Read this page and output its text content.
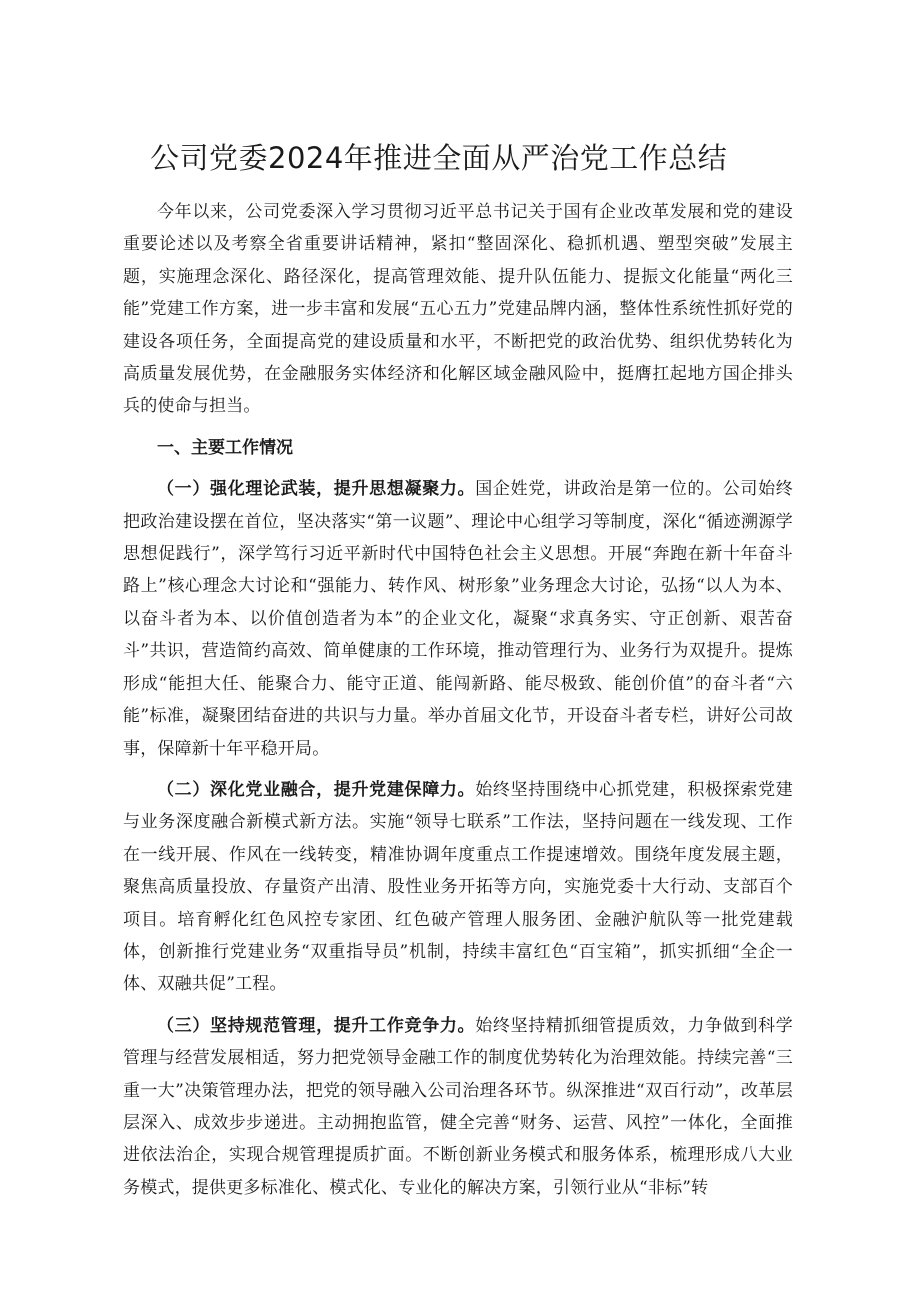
公司党委2024年推进全面从严治党工作总结

今年以来，公司党委深入学习贯彻习近平总书记关于国有企业改革发展和党的建设重要论述以及考察全省重要讲话精神，紧扣“整固深化、稳抓机遇、塑型突破”发展主题，实施理念深化、路径深化，提高管理效能、提升队伍能力、提振文化能量“两化三能”党建工作方案，进一步丰富和发展“五心五力”党建品牌内涵，整体性系统性抓好党的建设各项任务，全面提高党的建设质量和水平，不断把党的政治优势、组织优势转化为高质量发展优势，在金融服务实体经济和化解区域金融风险中，挺膺扛起地方国企排头兵的使命与担当。

一、主要工作情况

（一）强化理论武装，提升思想凝聚力。国企姓党，讲政治是第一位的。公司始终把政治建设摆在首位，坚决落实“第一议题”、理论中心组学习等制度，深化“循迹溯源学思想促践行”，深学笃行习近平新时代中国特色社会主义思想。开展“奔跑在新十年奋斗路上”核心理念大讨论和“强能力、转作风、树形象”业务理念大讨论，弘扬“以人为本、以奋斗者为本、以价值创造者为本”的企业文化，凝聚“求真务实、守正创新、艰苦奋斗”共识，营造简约高效、简单健康的工作环境，推动管理行为、业务行为双提升。提炼形成“能担大任、能聚合力、能守正道、能闯新路、能尽极致、能创价值”的奋斗者“六能”标准，凝聚团结奋进的共识与力量。举办首届文化节，开设奋斗者专栏，讲好公司故事，保障新十年平稳开局。

（二）深化党业融合，提升党建保障力。始终坚持围绕中心抓党建，积极探索党建与业务深度融合新模式新方法。实施“领导七联系”工作法，坚持问题在一线发现、工作在一线开展、作风在一线转变，精准协调年度重点工作提速增效。围绕年度发展主题，聚焦高质量投放、存量资产出清、股性业务开拓等方向，实施党委十大行动、支部百个项目。培育孵化红色风控专家团、红色破产管理人服务团、金融沪航队等一批党建载体，创新推行党建业务“双重指导员”机制，持续丰富红色“百宝箱”，抓实抓细“全企一体、双融共促”工程。

（三）坚持规范管理，提升工作竞争力。始终坚持精抓细管提质效，力争做到科学管理与经营发展相适，努力把党领导金融工作的制度优势转化为治理效能。持续完善“三重一大”决策管理办法，把党的领导融入公司治理各环节。纵深推进“双百行动”，改革层层深入、成效步步递进。主动拥抱监管，健全完善“财务、运营、风控”一体化，全面推进依法治企，实现合规管理提质扩面。不断创新业务模式和服务体系，梳理形成八大业务模式，提供更多标准化、模式化、专业化的解决方案，引领行业从“非标”转
